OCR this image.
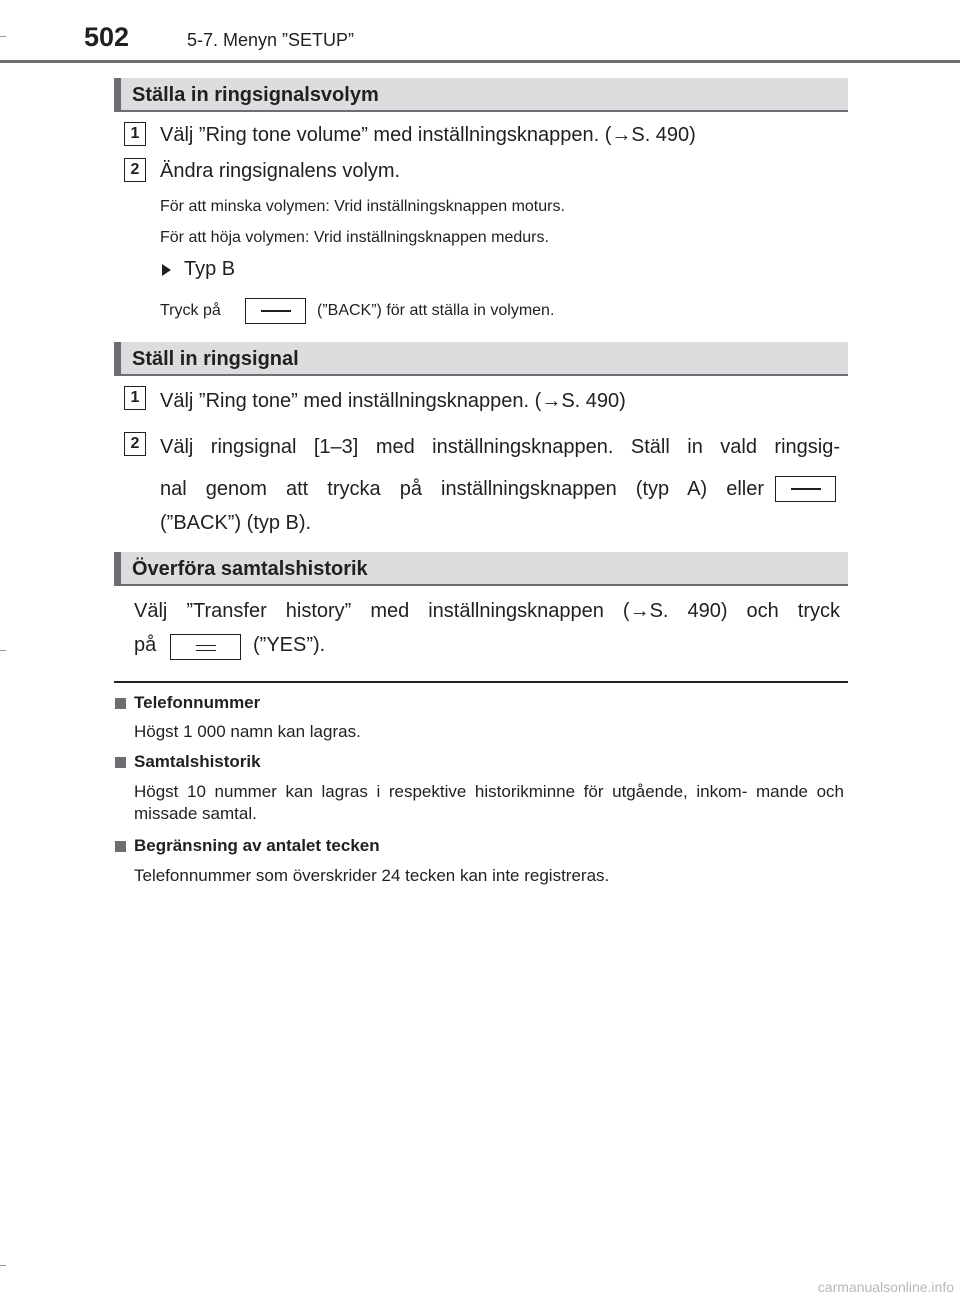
502	5-7. Menyn ”SETUP”
Ställa in ringsignalsvolym
1	Välj ”Ring tone volume” med inställningsknappen. (→S. 490)
2	Ändra ringsignalens volym.
För att minska volymen: Vrid inställningsknappen moturs.
För att höja volymen: Vrid inställningsknappen medurs.
Typ B
Tryck på	(”BACK”) för att ställa in volymen.
Ställ in ringsignal
1	Välj ”Ring tone” med inställningsknappen. (→S. 490)
2	Välj ringsignal [1–3] med inställningsknappen. Ställ in vald ringsig-
nal genom att trycka på inställningsknappen (typ A) eller
(”BACK”) (typ B).
Överföra samtalshistorik
Välj ”Transfer history” med inställningsknappen (→S. 490) och tryck
på	(”YES”).
Telefonnummer
Högst 1 000 namn kan lagras.
Samtalshistorik
Högst 10 nummer kan lagras i respektive historikminne för utgående, inkom- mande och missade samtal.
Begränsning av antalet tecken
Telefonnummer som överskrider 24 tecken kan inte registreras.
carmanualsonline.info
